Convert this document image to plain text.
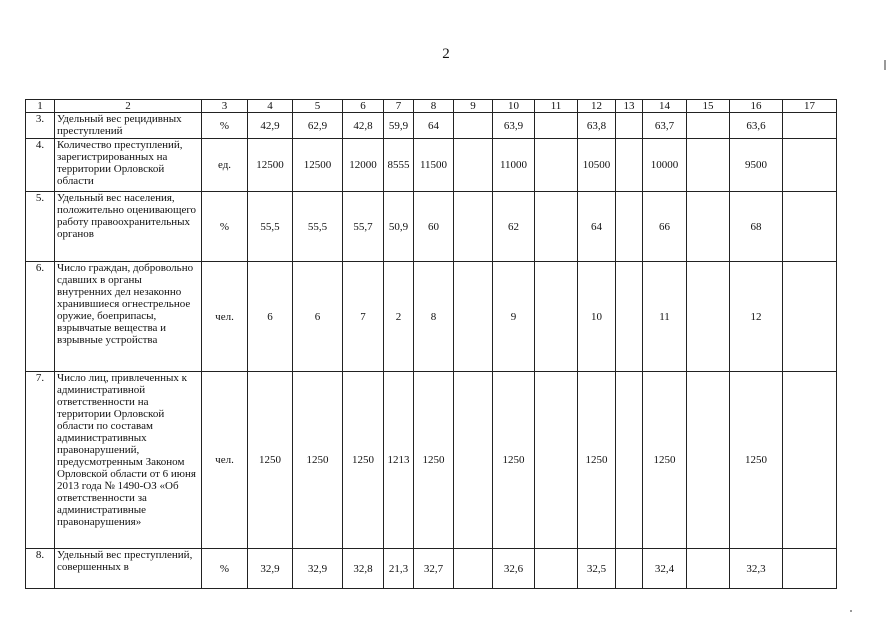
2
1	2	3	4	5	6	7	8	9	10	11	12	13	14	15	16	17
3.	Удельный вес рецидивных преступлений	%	42,9	62,9	42,8	59,9	64		63,9		63,8		63,7		63,6	
4.	Количество преступлений, зарегистрированных на территории Орловской области	ед.	12500	12500	12000	8555	11500		11000		10500		10000		9500	
5.	Удельный вес населения, положительно оценивающего работу правоохранительных органов	%	55,5	55,5	55,7	50,9	60		62		64		66		68	
6.	Число граждан, добровольно сдавших в органы внутренних дел незаконно хранившиеся огнестрельное оружие, боеприпасы, взрывчатые вещества и взрывные устройства	чел.	6	6	7	2	8		9		10		11		12	
7.	Число лиц, привлеченных к административной ответственности на территории Орловской области по составам административных правонарушений, предусмотренным Законом Орловской области от 6 июня 2013 года № 1490-ОЗ «Об ответственности за административные правонарушения»	чел.	1250	1250	1250	1213	1250		1250		1250		1250		1250	
8.	Удельный вес преступлений, совершенных в	%	32,9	32,9	32,8	21,3	32,7		32,6		32,5		32,4		32,3	
